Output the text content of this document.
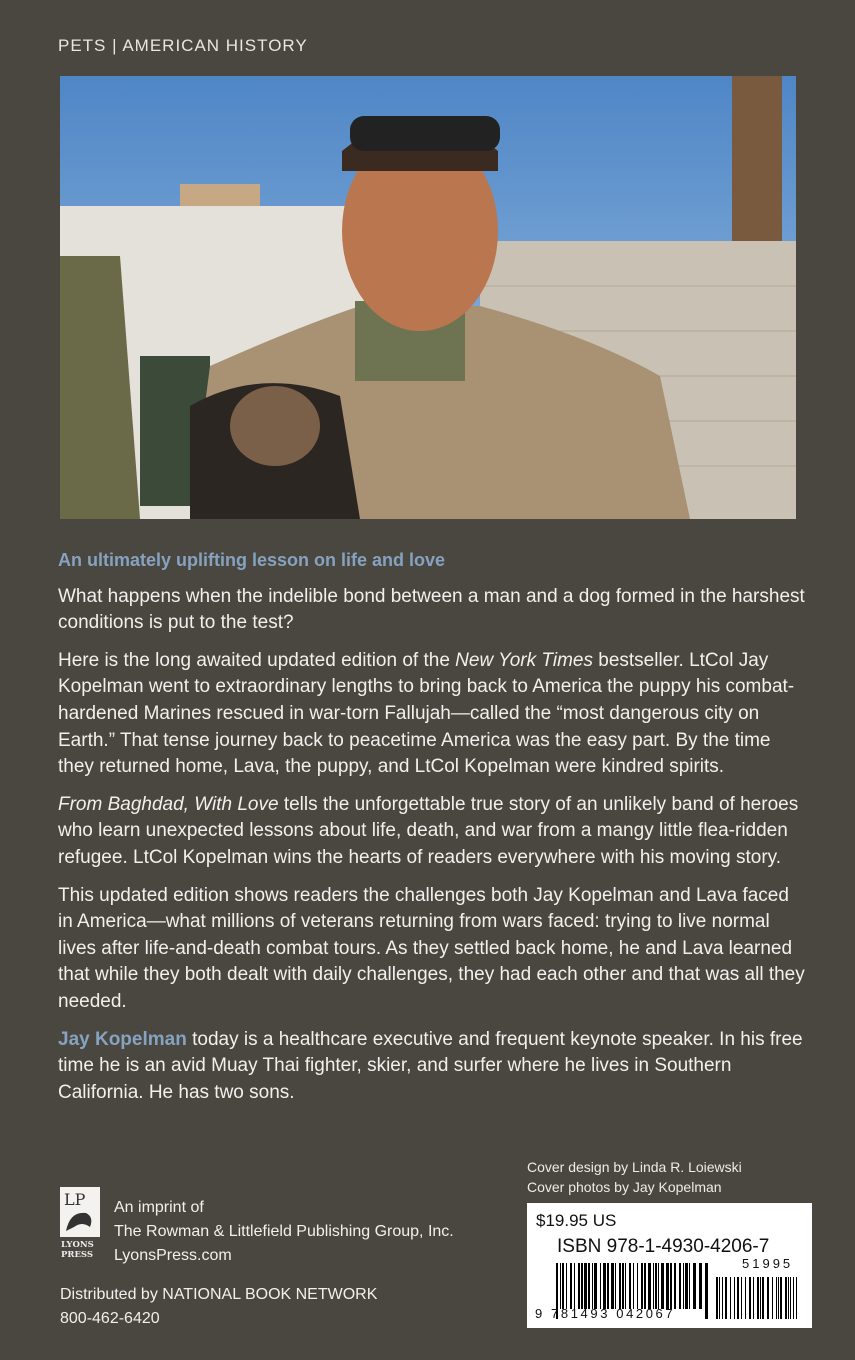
PETS | AMERICAN HISTORY
An ultimately uplifting lesson on life and love

What happens when the indelible bond between a man and a dog formed in the harshest conditions is put to the test?

Here is the long awaited updated edition of the New York Times bestseller. LtCol Jay Kopelman went to extraordinary lengths to bring back to America the puppy his combat-hardened Marines rescued in war-torn Fallujah—called the “most dangerous city on Earth.” That tense journey back to peacetime America was the easy part. By the time they returned home, Lava, the puppy, and LtCol Kopelman were kindred spirits.

From Baghdad, With Love tells the unforgettable true story of an unlikely band of heroes who learn unexpected lessons about life, death, and war from a mangy little flea-ridden refugee. LtCol Kopelman wins the hearts of readers everywhere with his moving story.

This updated edition shows readers the challenges both Jay Kopelman and Lava faced in America—what millions of veterans returning from wars faced: trying to live normal lives after life-and-death combat tours. As they settled back home, he and Lava learned that while they both dealt with daily challenges, they had each other and that was all they needed.

Jay Kopelman today is a healthcare executive and frequent keynote speaker. In his free time he is an avid Muay Thai fighter, skier, and surfer where he lives in Southern California. He has two sons.

Cover design by Linda R. Loiewski
Cover photos by Jay Kopelman
LP
LYONS
PRESS
An imprint of
The Rowman & Littlefield Publishing Group, Inc.
LyonsPress.com
Distributed by NATIONAL BOOK NETWORK
800-462-6420
$19.95 US
ISBN 978-1-4930-4206-7
9 781493 042067
51995
